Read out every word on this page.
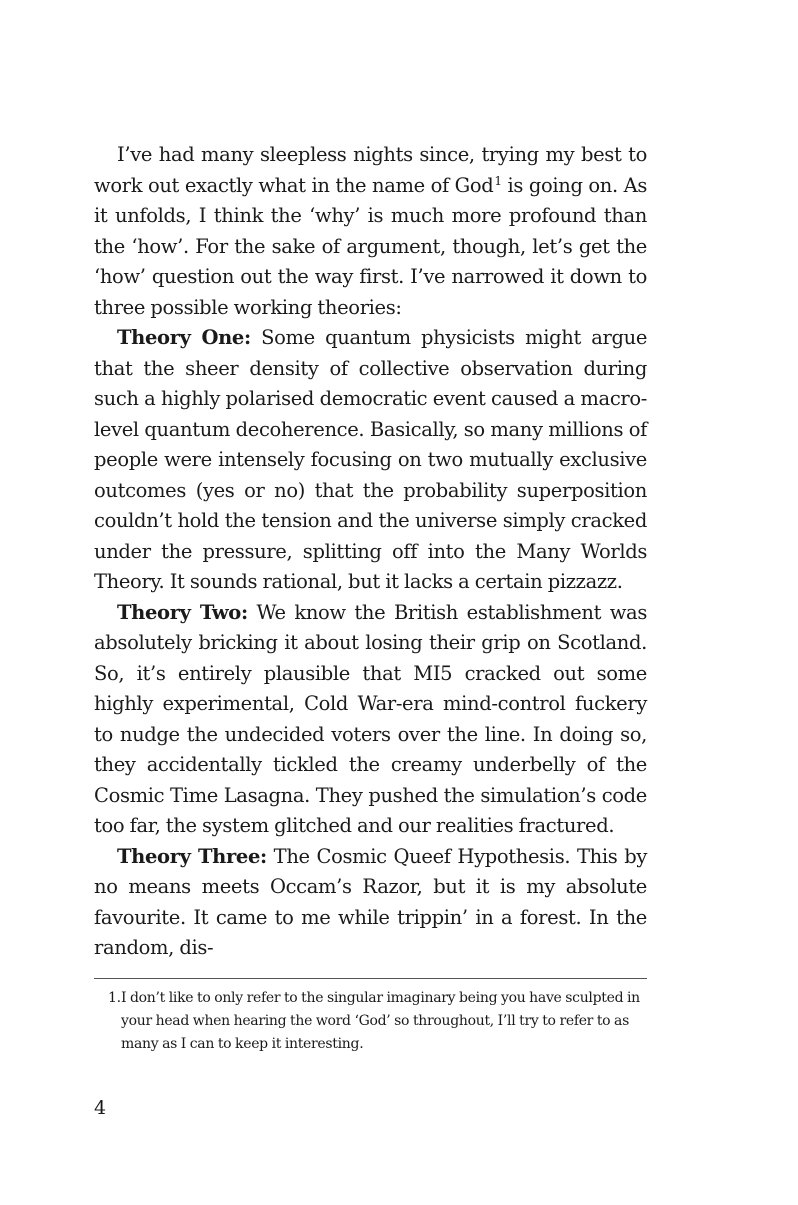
I’ve had many sleepless nights since, trying my best to work out exactly what in the name of God$^1$ is going on. As it unfolds, I think the ‘why’ is much more profound than the ‘how’. For the sake of argument, though, let’s get the ‘how’ question out the way first. I’ve narrowed it down to three possible working theories:

Theory One: Some quantum physicists might argue that the sheer density of collective observation during such a highly polarised democratic event caused a macro-level quantum decoherence. Basically, so many millions of people were intensely focusing on two mutually exclusive outcomes (yes or no) that the probability superposition couldn’t hold the tension and the universe simply cracked under the pressure, splitting off into the Many Worlds Theory. It sounds rational, but it lacks a certain pizzazz.

Theory Two: We know the British establishment was absolutely bricking it about losing their grip on Scotland. So, it’s entirely plausible that MI5 cracked out some highly experimental, Cold War-era mind-control fuckery to nudge the undecided voters over the line. In doing so, they accidentally tickled the creamy underbelly of the Cosmic Time Lasagna. They pushed the simulation’s code too far, the system glitched and our realities fractured.

Theory Three: The Cosmic Queef Hypothesis. This by no means meets Occam’s Razor, but it is my absolute favourite. It came to me while trippin’ in a forest. In the random, dis-

1. I don’t like to only refer to the singular imaginary being you have sculpted in your head when hearing the word ‘God’ so throughout, I’ll try to refer to as many as I can to keep it interesting.
4
